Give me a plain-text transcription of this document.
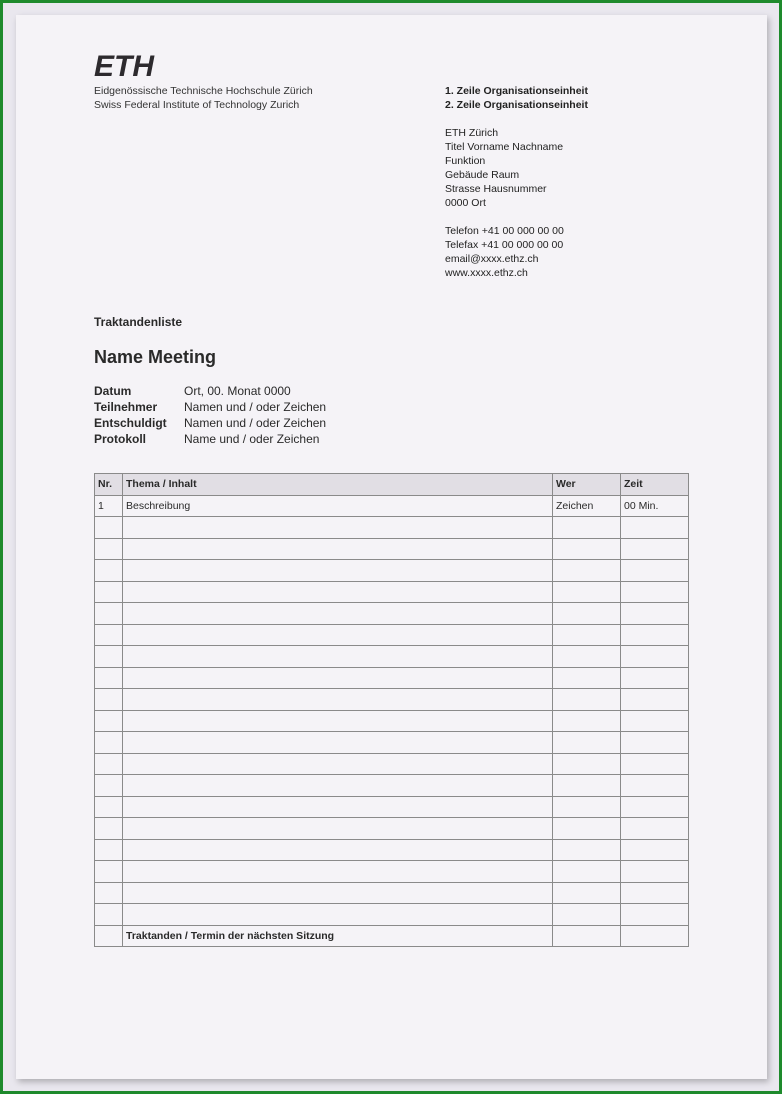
ETH
Eidgenössische Technische Hochschule Zürich
Swiss Federal Institute of Technology Zurich
1. Zeile Organisationseinheit
2. Zeile Organisationseinheit
ETH Zürich
Titel Vorname Nachname
Funktion
Gebäude Raum
Strasse Hausnummer
0000 Ort
Telefon +41 00 000 00 00
Telefax +41 00 000 00 00
email@xxxx.ethz.ch
www.xxxx.ethz.ch
Traktandenliste
Name Meeting
Datum	Ort, 00. Monat 0000
Teilnehmer	Namen und / oder Zeichen
Entschuldigt	Namen und / oder Zeichen
Protokoll	Name und / oder Zeichen
Nr.	Thema / Inhalt	Wer	Zeit
1	Beschreibung	Zeichen	00 Min.

	Traktanden / Termin der nächsten Sitzung		
